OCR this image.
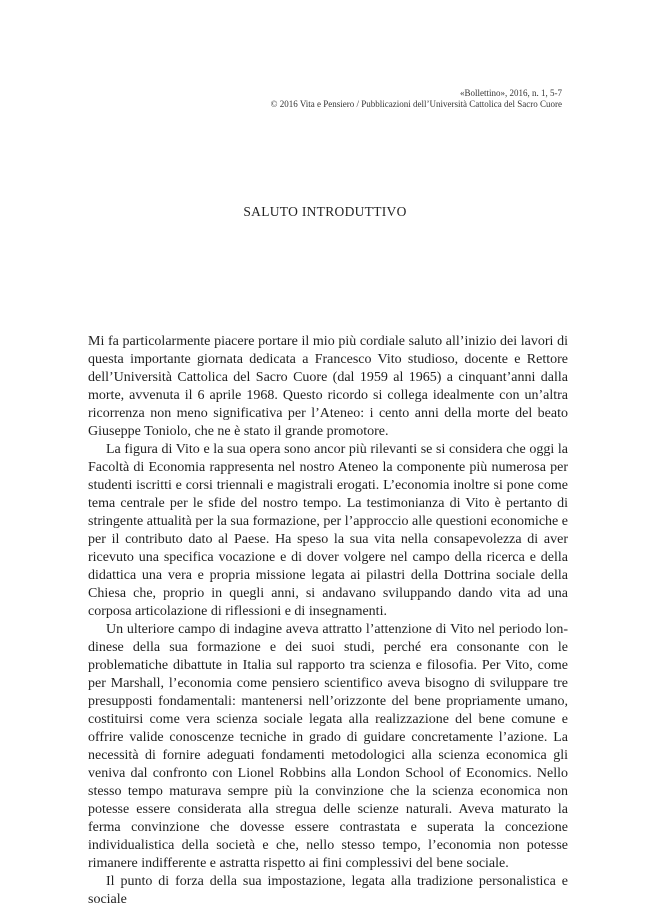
«Bollettino», 2016, n. 1, 5-7
© 2016 Vita e Pensiero / Pubblicazioni dell’Università Cattolica del Sacro Cuore
SALUTO INTRODUTTIVO

Mi fa particolarmente piacere portare il mio più cordiale saluto all’inizio dei lavori di questa importante giornata dedicata a Francesco Vito studioso, docente e Rettore dell’Università Cattolica del Sacro Cuore (dal 1959 al 1965) a cinquant’anni dalla morte, avvenuta il 6 aprile 1968. Questo ricordo si collega idealmente con un’altra ricorrenza non meno significativa per l’Ateneo: i cento anni della morte del beato Giuseppe Toniolo, che ne è stato il grande promotore.

La figura di Vito e la sua opera sono ancor più rilevanti se si considera che oggi la Facoltà di Economia rappresenta nel nostro Ateneo la componente più numerosa per studenti iscritti e corsi triennali e magistrali erogati. L’economia inoltre si pone come tema centrale per le sfide del nostro tempo. La testimonianza di Vito è pertanto di stringente attualità per la sua formazione, per l’approccio alle questioni economiche e per il contributo dato al Paese. Ha speso la sua vita nella consapevolezza di aver ricevuto una specifica vocazione e di dover volgere nel campo della ricerca e della didattica una vera e propria missione legata ai pilastri della Dottrina sociale della Chiesa che, proprio in quegli anni, si andavano sviluppando dando vita ad una corposa articolazione di riflessioni e di insegnamenti.

Un ulteriore campo di indagine aveva attratto l’attenzione di Vito nel periodo londinese della sua formazione e dei suoi studi, perché era consonante con le problematiche dibattute in Italia sul rapporto tra scienza e filosofia. Per Vito, come per Marshall, l’economia come pensiero scientifico aveva bisogno di sviluppare tre presupposti fondamentali: mantenersi nell’orizzonte del bene propriamente umano, costituirsi come vera scienza sociale legata alla realizzazione del bene comune e offrire valide conoscenze tecniche in grado di guidare concretamente l’azione. La necessità di fornire adeguati fondamenti metodologici alla scienza economica gli veniva dal confronto con Lionel Robbins alla London School of Economics. Nello stesso tempo maturava sempre più la convinzione che la scienza economica non potesse essere considerata alla stregua delle scienze naturali. Aveva maturato la ferma convinzione che dovesse essere contrastata e superata la concezione individualistica della società e che, nello stesso tempo, l’economia non potesse rimanere indifferente e astratta rispetto ai fini complessivi del bene sociale.

Il punto di forza della sua impostazione, legata alla tradizione personalistica e sociale
